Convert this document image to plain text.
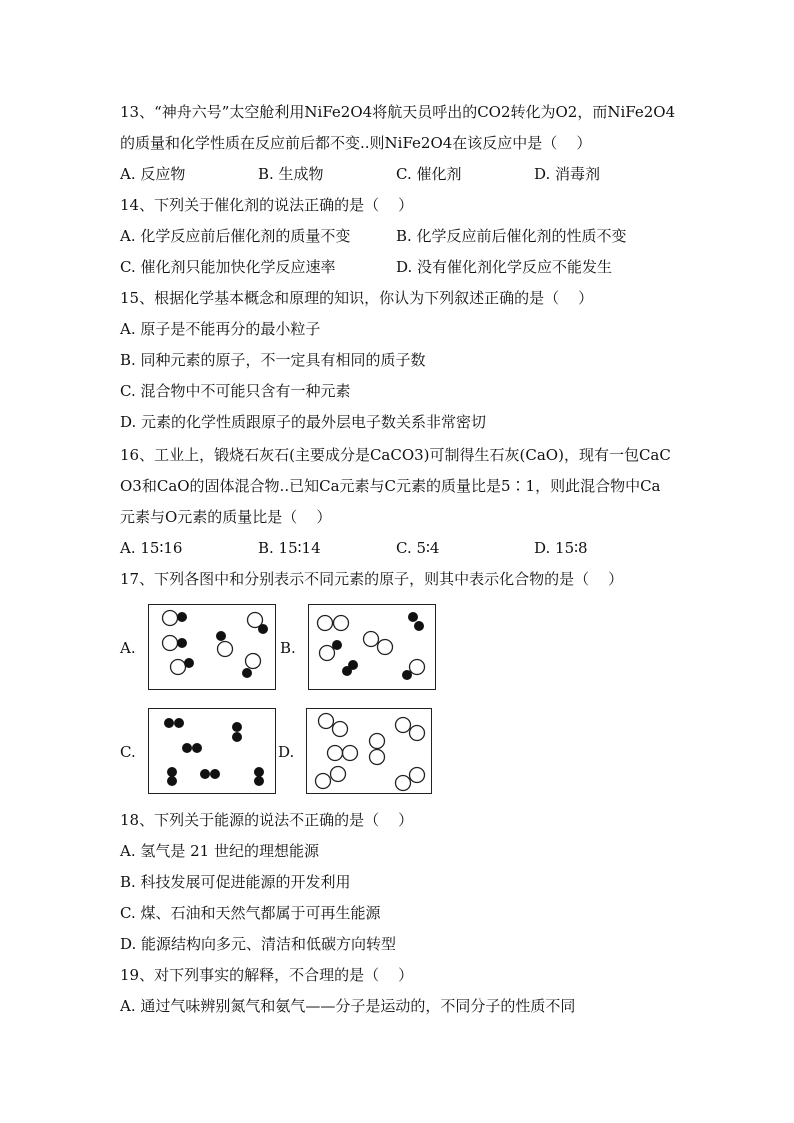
13、“神舟六号”太空舱利用NiFe2O4将航天员呼出的CO2转化为O2，而NiFe2O4
的质量和化学性质在反应前后都不变..则NiFe2O4在该反应中是（    ）
A. 反应物	B. 生成物	C. 催化剂	D. 消毒剂
14、下列关于催化剂的说法正确的是（    ）
A. 化学反应前后催化剂的质量不变	B. 化学反应前后催化剂的性质不变
C. 催化剂只能加快化学反应速率	D. 没有催化剂化学反应不能发生
15、根据化学基本概念和原理的知识，你认为下列叙述正确的是（    ）
A. 原子是不能再分的最小粒子
B. 同种元素的原子，不一定具有相同的质子数
C. 混合物中不可能只含有一种元素
D. 元素的化学性质跟原子的最外层电子数关系非常密切
16、工业上，锻烧石灰石(主要成分是CaCO3)可制得生石灰(CaO)，现有一包CaC
O3和CaO的固体混合物..已知Ca元素与C元素的质量比是5∶1，则此混合物中Ca
元素与O元素的质量比是（    ）
A. 15∶16	B. 15∶14	C. 5∶4	D. 15∶8
17、下列各图中和分别表示不同元素的原子，则其中表示化合物的是（    ）
A.	B.
C.	D.
18、下列关于能源的说法不正确的是（    ）
A. 氢气是 21 世纪的理想能源
B. 科技发展可促进能源的开发利用
C. 煤、石油和天然气都属于可再生能源
D. 能源结构向多元、清洁和低碳方向转型
19、对下列事实的解释，不合理的是（    ）
A. 通过气味辨别氮气和氨气——分子是运动的，不同分子的性质不同
